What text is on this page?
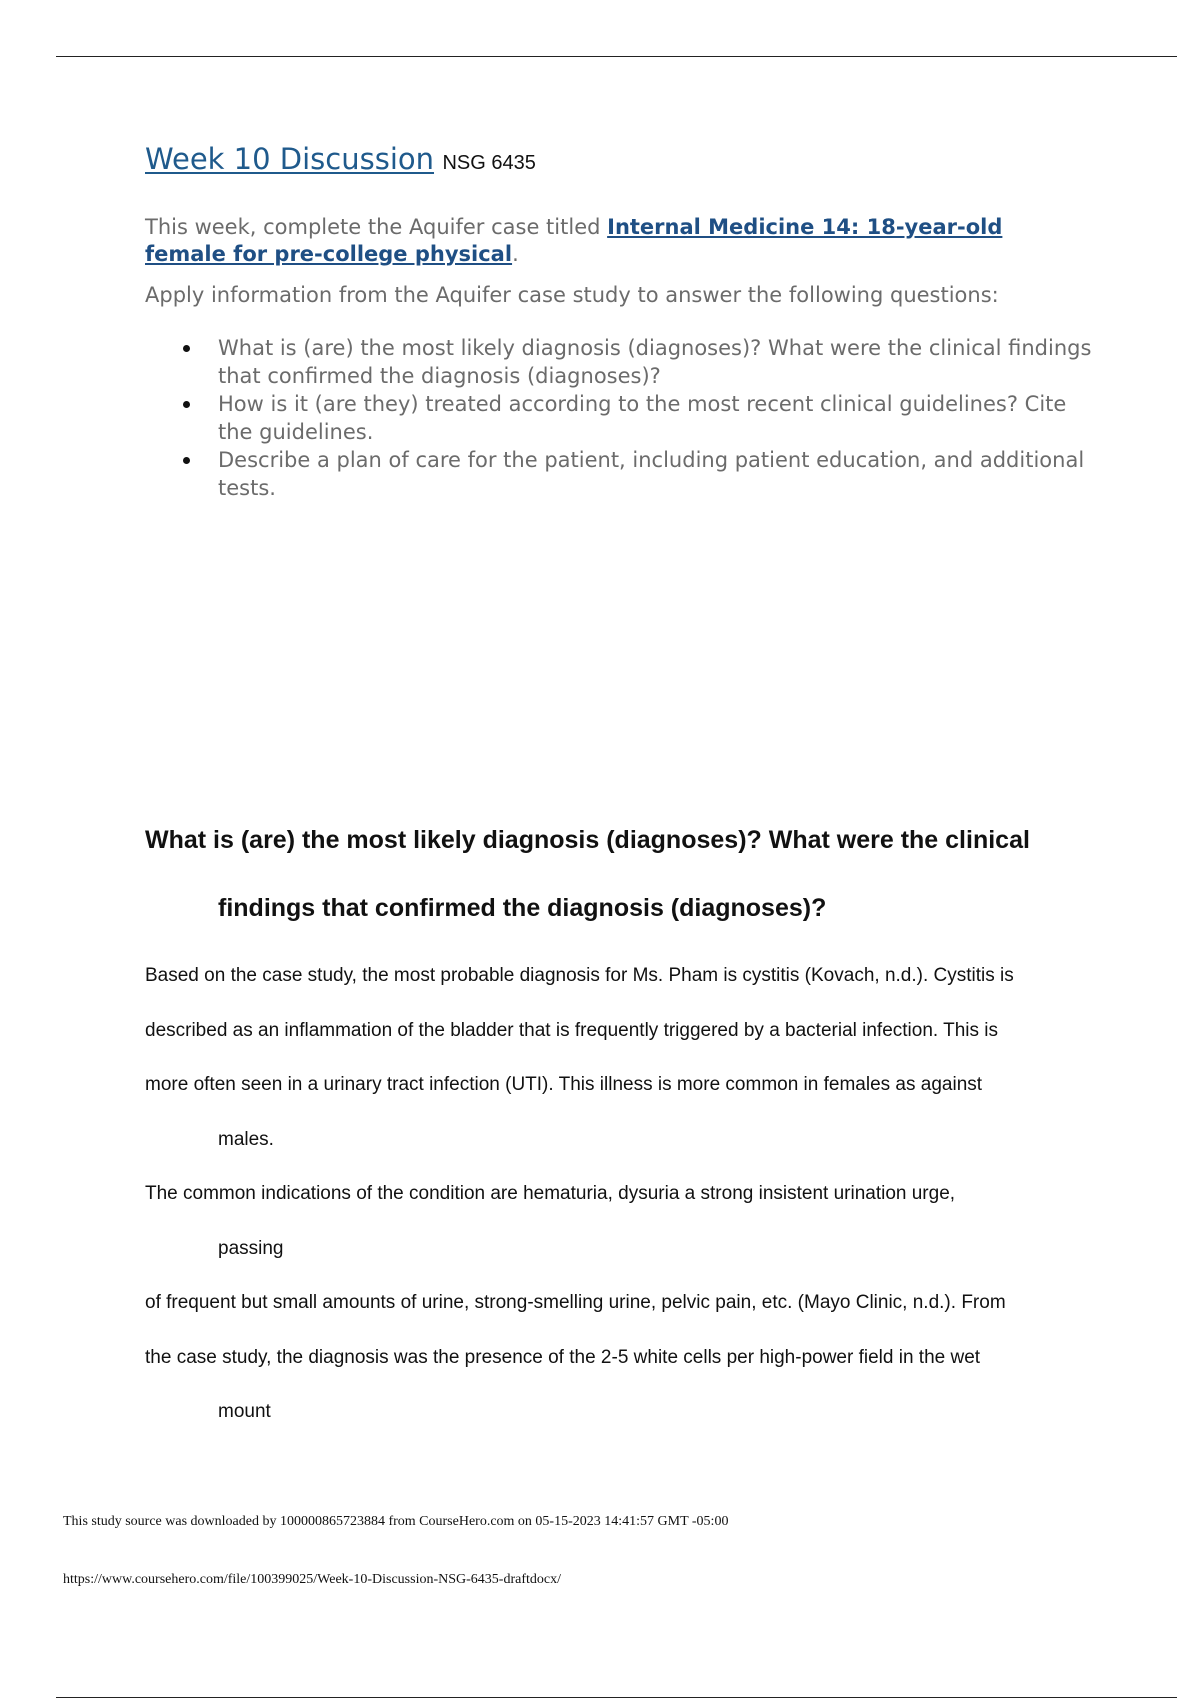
Week 10 Discussion NSG 6435
This week, complete the Aquifer case titled Internal Medicine 14: 18-year-old female for pre-college physical.
Apply information from the Aquifer case study to answer the following questions:
What is (are) the most likely diagnosis (diagnoses)? What were the clinical findings that confirmed the diagnosis (diagnoses)?
How is it (are they) treated according to the most recent clinical guidelines? Cite the guidelines.
Describe a plan of care for the patient, including patient education, and additional tests.
What is (are) the most likely diagnosis (diagnoses)? What were the clinical
findings that confirmed the diagnosis (diagnoses)?
Based on the case study, the most probable diagnosis for Ms. Pham is cystitis (Kovach, n.d.). Cystitis is
described as an inflammation of the bladder that is frequently triggered by a bacterial infection. This is
more often seen in a urinary tract infection (UTI). This illness is more common in females as against
males.
The common indications of the condition are hematuria, dysuria a strong insistent urination urge,
passing
of frequent but small amounts of urine, strong-smelling urine, pelvic pain, etc. (Mayo Clinic, n.d.). From
the case study, the diagnosis was the presence of the 2-5 white cells per high-power field in the wet
mount
This study source was downloaded by 100000865723884 from CourseHero.com on 05-15-2023 14:41:57 GMT -05:00
https://www.coursehero.com/file/100399025/Week-10-Discussion-NSG-6435-draftdocx/
